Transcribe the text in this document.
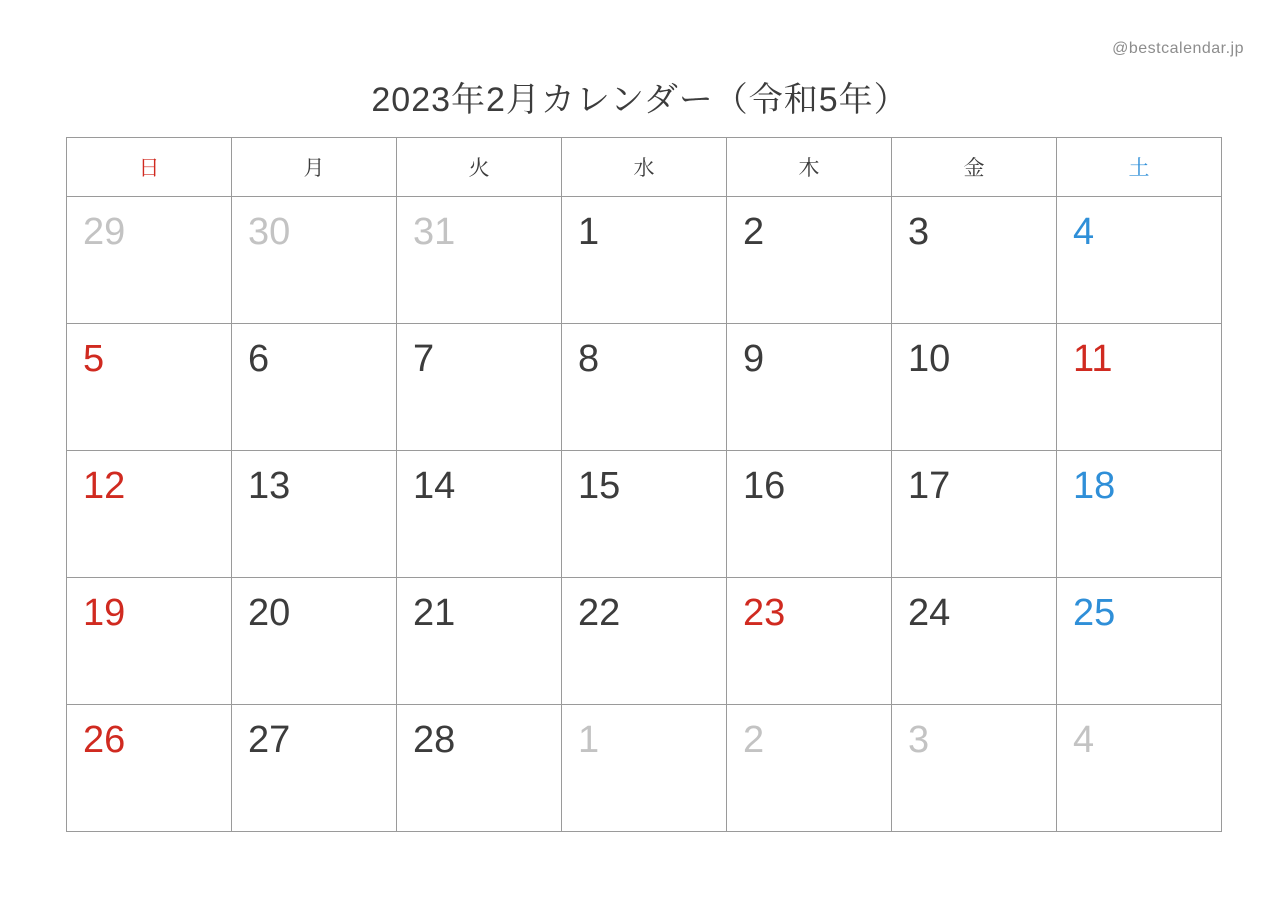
@bestcalendar.jp
2023年2月カレンダー（令和5年）
日	月	火	水	木	金	土

29	30	31	1	2	3	4

5	6	7	8	9	10	11

12	13	14	15	16	17	18

19	20	21	22	23	24	25

26	27	28	1	2	3	4
